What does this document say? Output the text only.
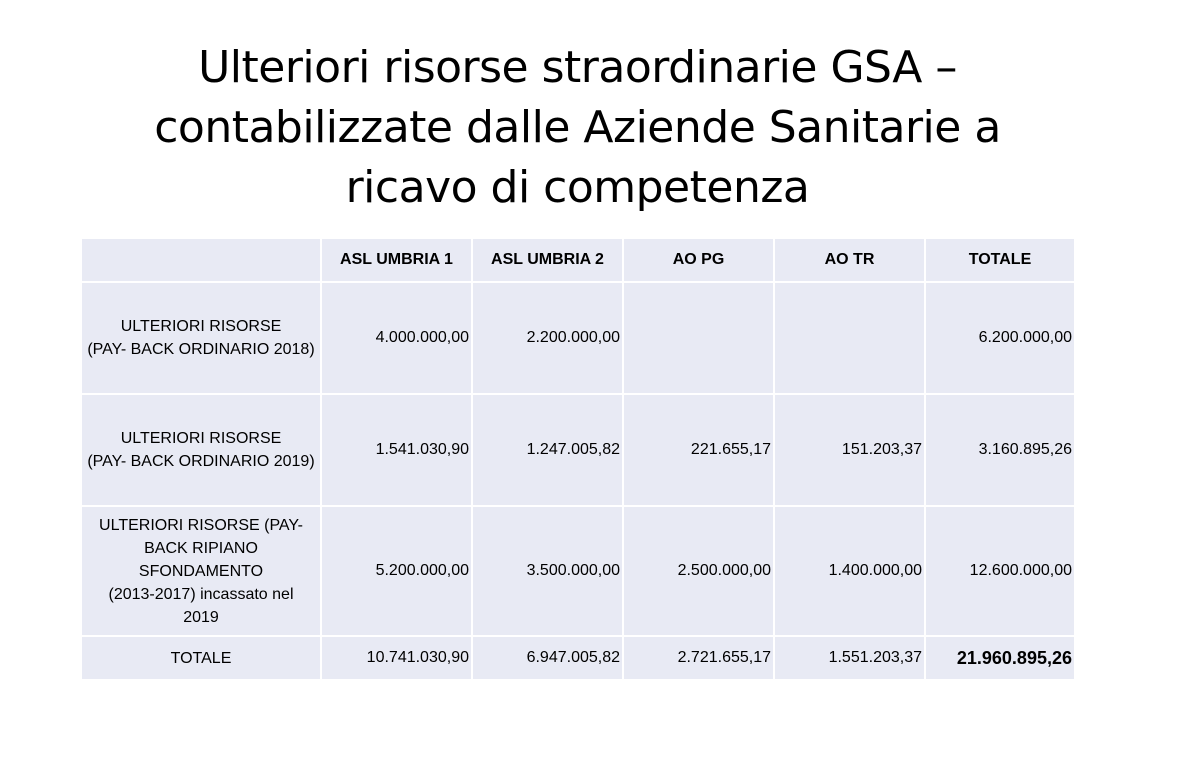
Ulteriori risorse straordinarie GSA –
contabilizzate dalle Aziende Sanitarie a
ricavo di competenza
	ASL UMBRIA 1	ASL UMBRIA 2	AO PG	AO TR	TOTALE

ULTERIORI RISORSE
(PAY- BACK ORDINARIO 2018)	4.000.000,00	2.200.000,00			6.200.000,00

ULTERIORI RISORSE
(PAY- BACK ORDINARIO 2019)	1.541.030,90	1.247.005,82	221.655,17	151.203,37	3.160.895,26

ULTERIORI RISORSE (PAY-
BACK RIPIANO
SFONDAMENTO
(2013-2017) incassato nel
2019	5.200.000,00	3.500.000,00	2.500.000,00	1.400.000,00	12.600.000,00
TOTALE	10.741.030,90	6.947.005,82	2.721.655,17	1.551.203,37	21.960.895,26
